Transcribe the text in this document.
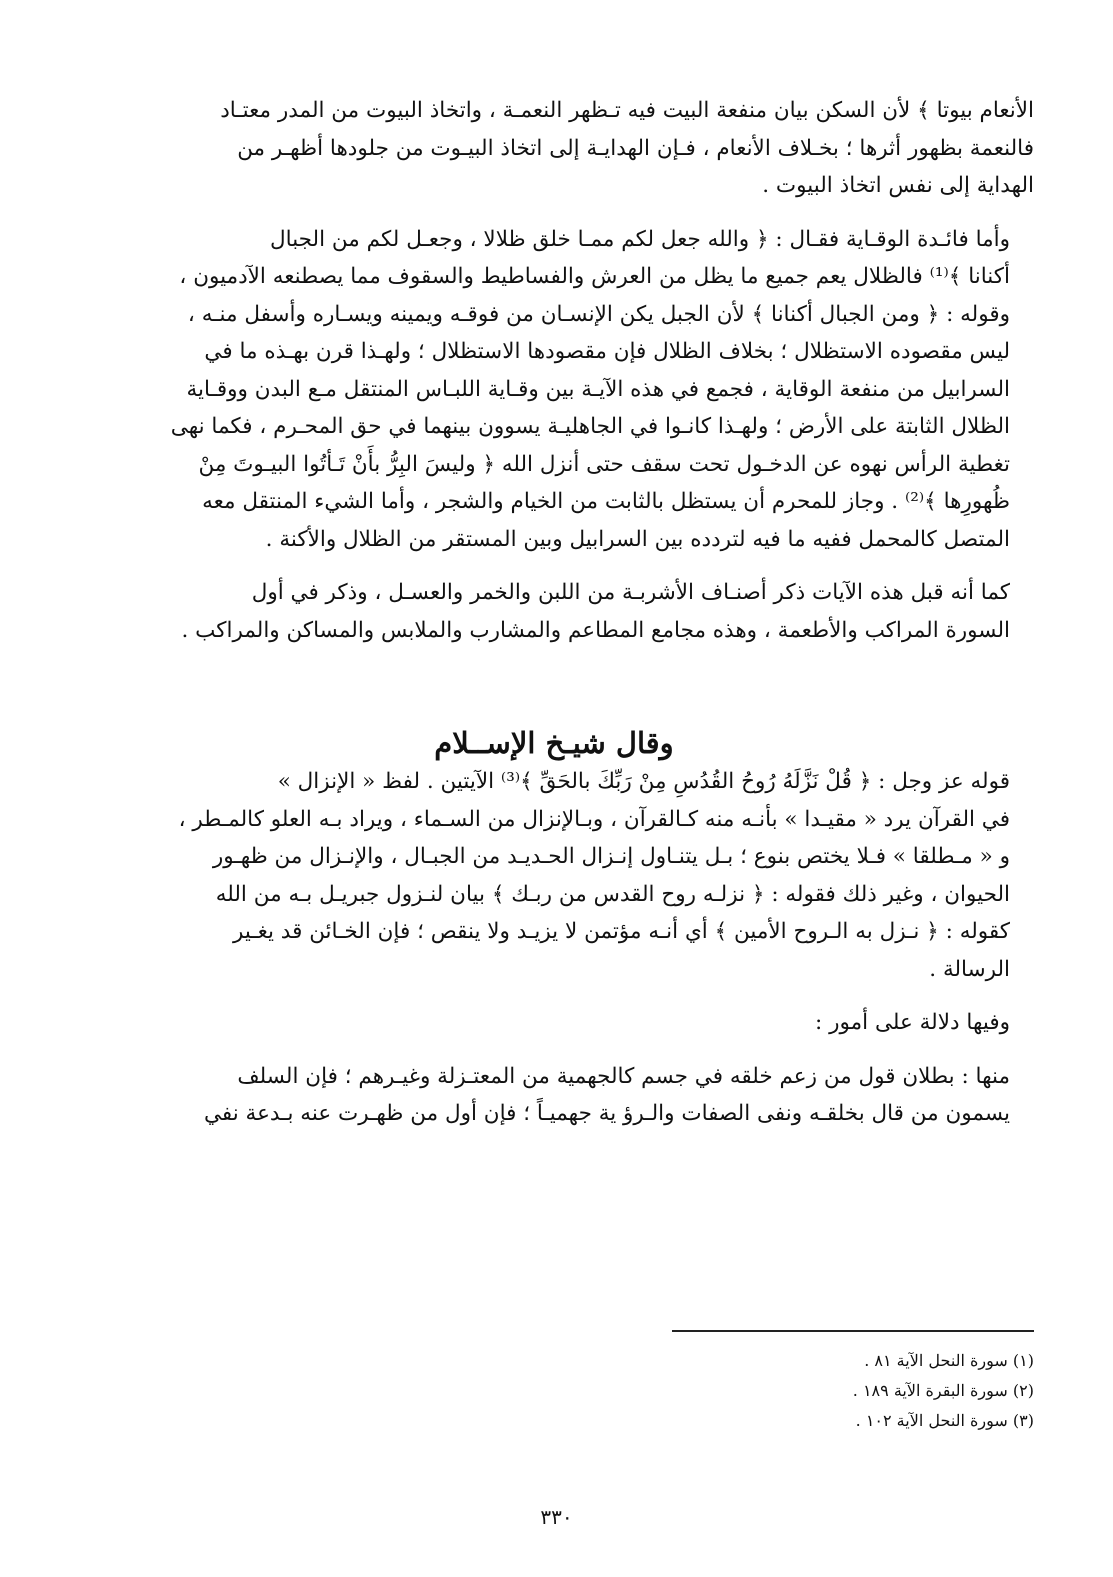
الأنعام بيوتا ﴾ لأن السكن بيان منفعة البيت فيه تـظهر النعمـة ، واتخاذ البيوت من المدر معتـاد
فالنعمة بظهور أثرها ؛ بخـلاف الأنعام ، فـإن الهدايـة إلى اتخاذ البيـوت من جلودها أظهـر من
الهداية إلى نفس اتخاذ البيوت .

وأما فائـدة الوقـاية فقـال : ﴿ والله جعل لكم ممـا خلق ظلالا ، وجعـل لكم من الجبال
أكنانا ﴾⁽¹⁾ فالظلال يعم جميع ما يظل من العرش والفساطيط والسقوف مما يصطنعه الآدميون ،
وقوله : ﴿ ومن الجبال أكنانا ﴾ لأن الجبل يكن الإنسـان من فوقـه ويمينه ويسـاره وأسفل منـه ،
ليس مقصوده الاستظلال ؛ بخلاف الظلال فإن مقصودها الاستظلال ؛ ولهـذا قرن بهـذه ما في
السرابيل من منفعة الوقاية ، فجمع في هذه الآيـة بين وقـاية اللبـاس المنتقل مـع البدن ووقـاية
الظلال الثابتة على الأرض ؛ ولهـذا كانـوا في الجاهليـة يسوون بينهما في حق المحـرم ، فكما نهى
تغطية الرأس نهوه عن الدخـول تحت سقف حتى أنزل الله ﴿ وليسَ البِرُّ بأَنْ تَـأتُوا البيـوتَ مِنْ
ظُهورِها ﴾⁽²⁾ . وجاز للمحرم أن يستظل بالثابت من الخيام والشجر ، وأما الشيء المنتقل معه
المتصل كالمحمل ففيه ما فيه لتردده بين السرابيل وبين المستقر من الظلال والأكنة .

كما أنه قبل هذه الآيات ذكر أصنـاف الأشربـة من اللبن والخمر والعسـل ، وذكر في أول
السورة المراكب والأطعمة ، وهذه مجامع المطاعم والمشارب والملابس والمساكن والمراكب .

وقال شيـخ الإســلام

قوله عز وجل : ﴿ قُلْ نَزَّلَهُ رُوحُ القُدُسِ مِنْ رَبِّكَ بالحَقِّ ﴾⁽³⁾ الآيتين . لفظ « الإنزال »
في القرآن يرد « مقيـدا » بأنـه منه كـالقرآن ، وبـالإنزال من السـماء ، ويراد بـه العلو كالمـطر ،
و « مـطلقا » فـلا يختص بنوع ؛ بـل يتنـاول إنـزال الحـديـد من الجبـال ، والإنـزال من ظهـور
الحيوان ، وغير ذلك فقوله : ﴿ نزلـه روح القدس من ربـك ﴾ بيان لنـزول جبريـل بـه من الله
كقوله : ﴿ نـزل به الـروح الأمين ﴾ أي أنـه مؤتمن لا يزيـد ولا ينقص ؛ فإن الخـائن قد يغـير
الرسالة .

وفيها دلالة على أمور :

منها : بطلان قول من زعم خلقه في جسم كالجهمية من المعتـزلة وغيـرهم ؛ فإن السلف
يسمون من قال بخلقـه ونفى الصفات والـرؤ ية جهميـاً ؛ فإن أول من ظهـرت عنه بـدعة نفي

(١) سورة النحل الآية ٨١ .
(٢) سورة البقرة الآية ١٨٩ .
(٣) سورة النحل الآية ١٠٢ .
٣٣٠
